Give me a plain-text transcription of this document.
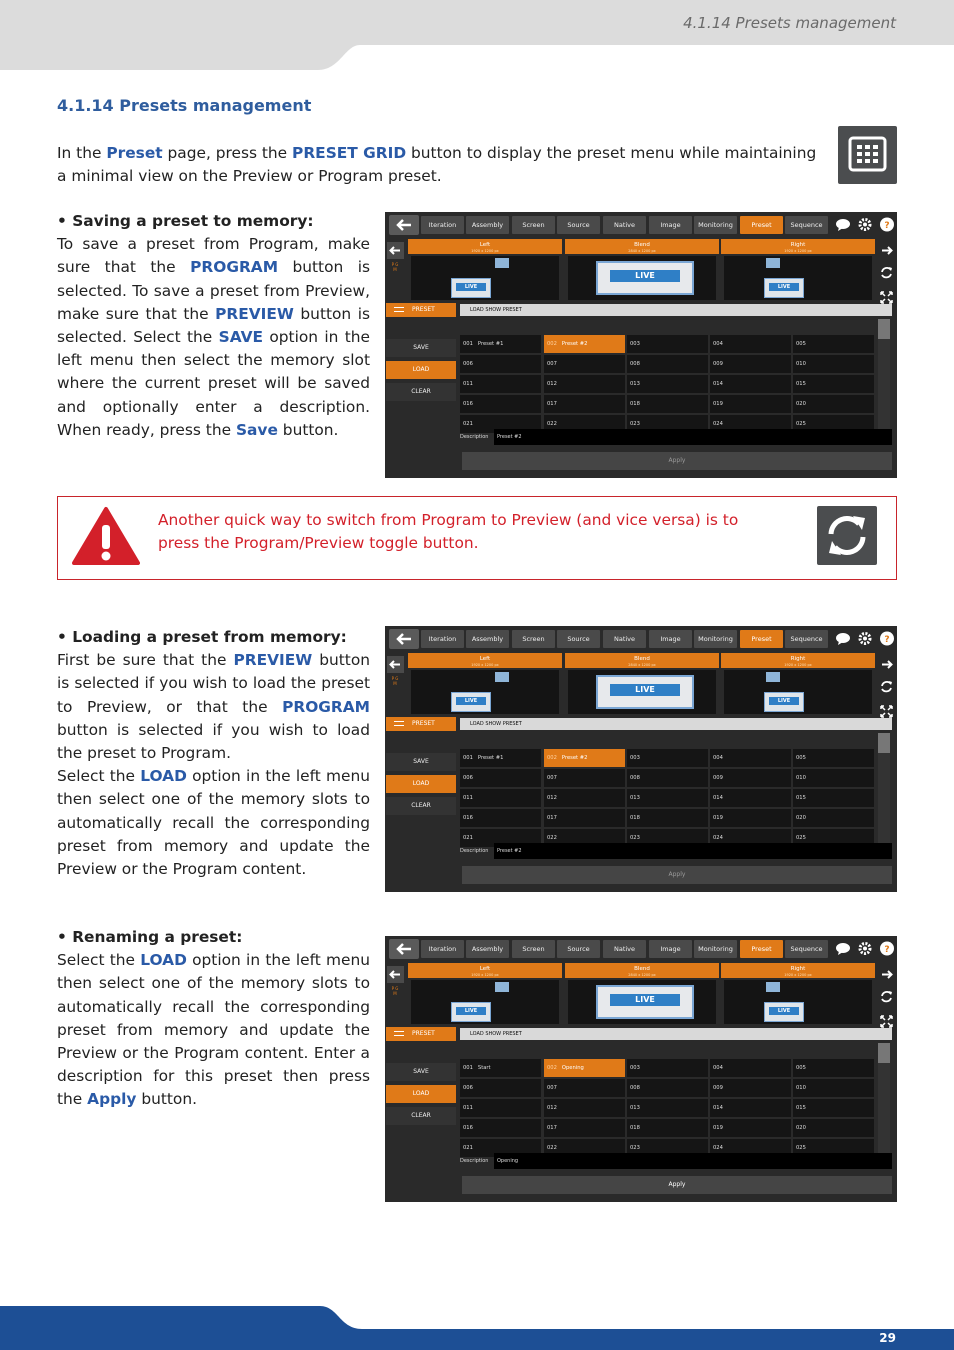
4.1.14 Presets management
4.1.14 Presets management

In the Preset page, press the PRESET GRID button to display the preset menu while maintaining a minimal view on the Preview or Program preset.

• Saving a preset to memory:
To save a preset from Program, make sure that the PROGRAM button is selected. To save a preset from Preview, make sure that the PREVIEW button is selected. Select the SAVE option in the left menu then select the memory slot where the current preset will be saved and optionally enter a description. When ready, press the Save button.

Another quick way to switch from Program to Preview (and vice versa) is to press the Program/Preview toggle button.

• Loading a preset from memory:
First be sure that the PREVIEW button is selected if you wish to load the preset to Preview, or that the PROGRAM button is selected if you wish to load the preset to Program.
Select the LOAD option in the left menu then select one of the memory slots to automatically recall the corresponding preset from memory and update the Preview or the Program content.

• Renaming a preset:
Select the LOAD option in the left menu then select one of the memory slots to automatically recall the corresponding preset from memory and update the Preview or the Program content. Enter a description for this preset then press the Apply button.

Iteration	Assembly	Screen	Source	Native	Image	Monitoring	Preset	Sequence	?
P G M
Left
1920 x 1200 px
LIVE
Blend
2840 x 1200 px
LIVE
Right
1920 x 1200 px
LIVE
PRESET
SAVE
LOAD
CLEAR
LOAD SHOW PRESET
001 Preset #1	002 Preset #2	003	004	005
006	007	008	009	010
011	012	013	014	015
016	017	018	019	020
021	022	023	024	025
Description	Preset #2
Apply
Iteration	Assembly	Screen	Source	Native	Image	Monitoring	Preset	Sequence	?
P G M
Left
1920 x 1200 px
LIVE
Blend
2840 x 1200 px
LIVE
Right
1920 x 1200 px
LIVE
PRESET
SAVE
LOAD
CLEAR
LOAD SHOW PRESET
001 Preset #1	002 Preset #2	003	004	005
006	007	008	009	010
011	012	013	014	015
016	017	018	019	020
021	022	023	024	025
Description	Preset #2
Apply
Iteration	Assembly	Screen	Source	Native	Image	Monitoring	Preset	Sequence	?
P G M
Left
1920 x 1200 px
LIVE
Blend
2840 x 1200 px
LIVE
Right
1920 x 1200 px
LIVE
PRESET
SAVE
LOAD
CLEAR
LOAD SHOW PRESET
001 Start	002 Opening	003	004	005
006	007	008	009	010
011	012	013	014	015
016	017	018	019	020
021	022	023	024	025
Description	Opening
Apply
29
